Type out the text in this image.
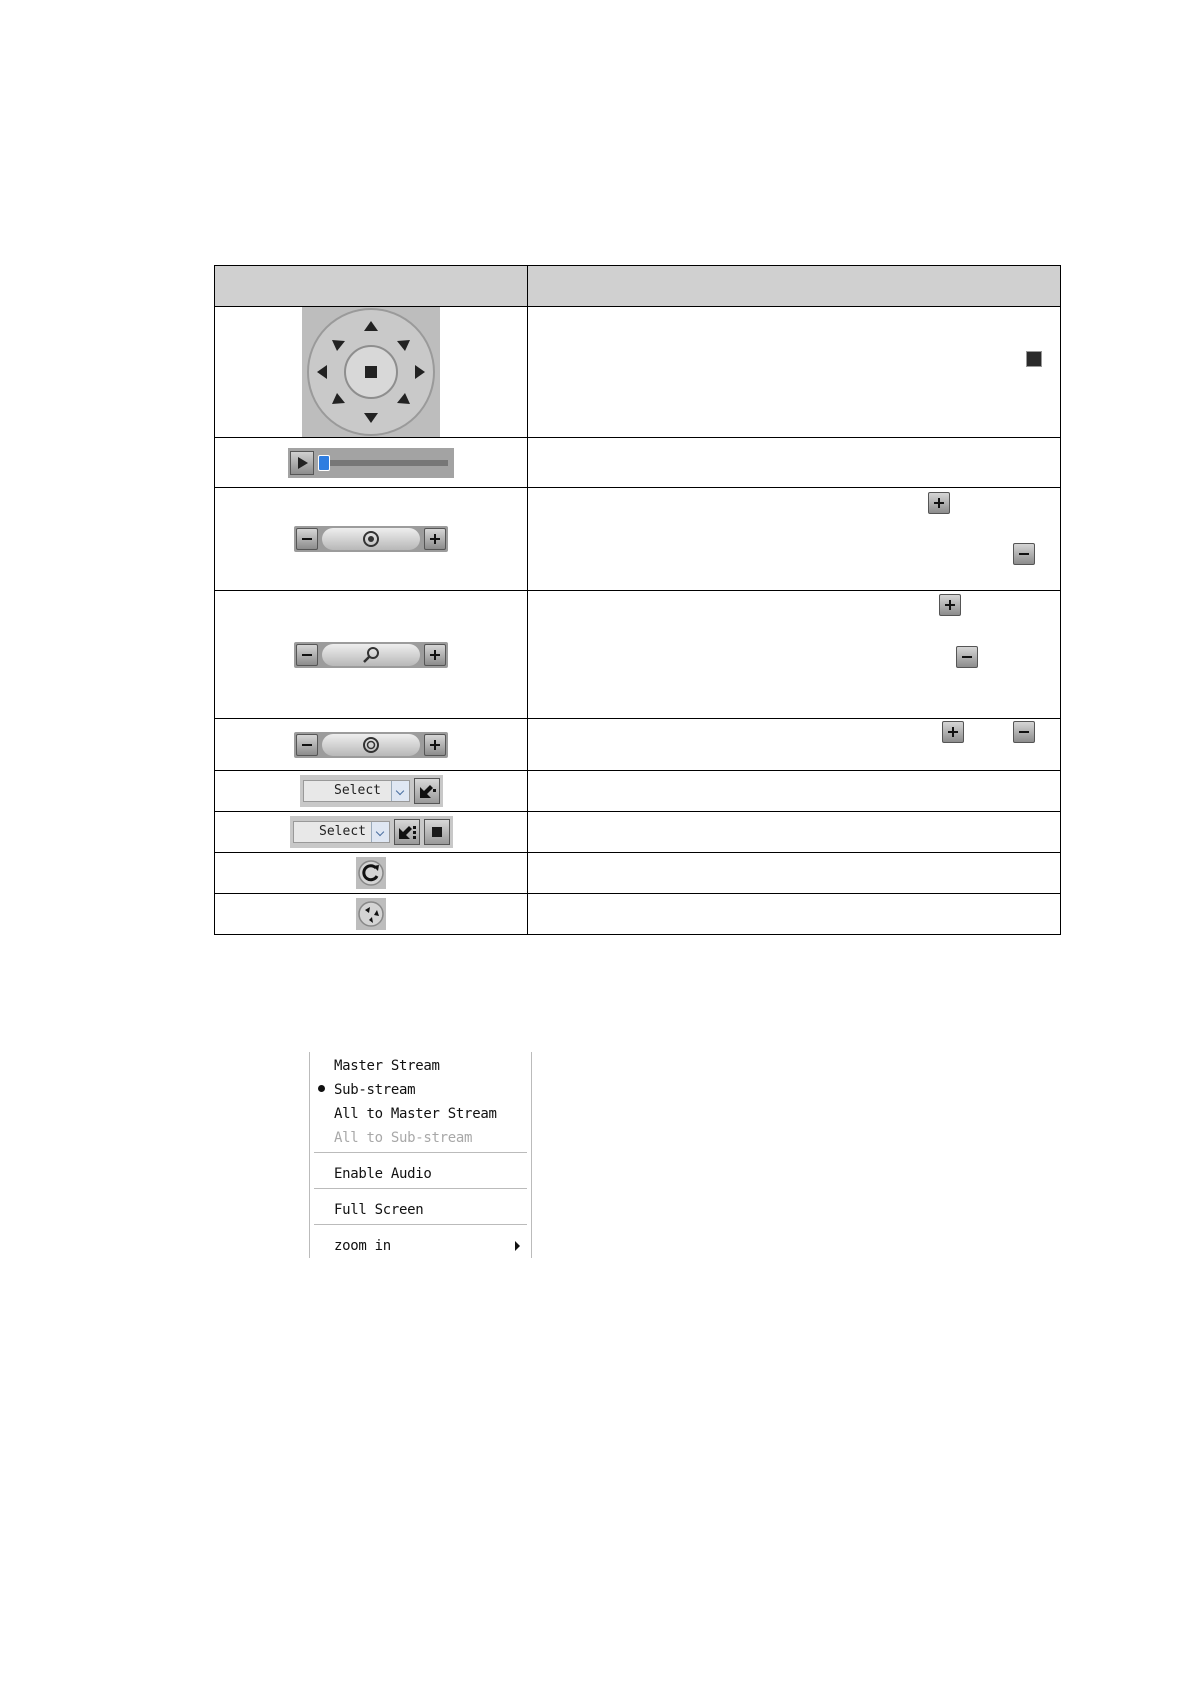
Select	

Select	

Master Stream
Sub-stream
All to Master Stream
All to Sub-stream
Enable Audio
Full Screen
zoom in
